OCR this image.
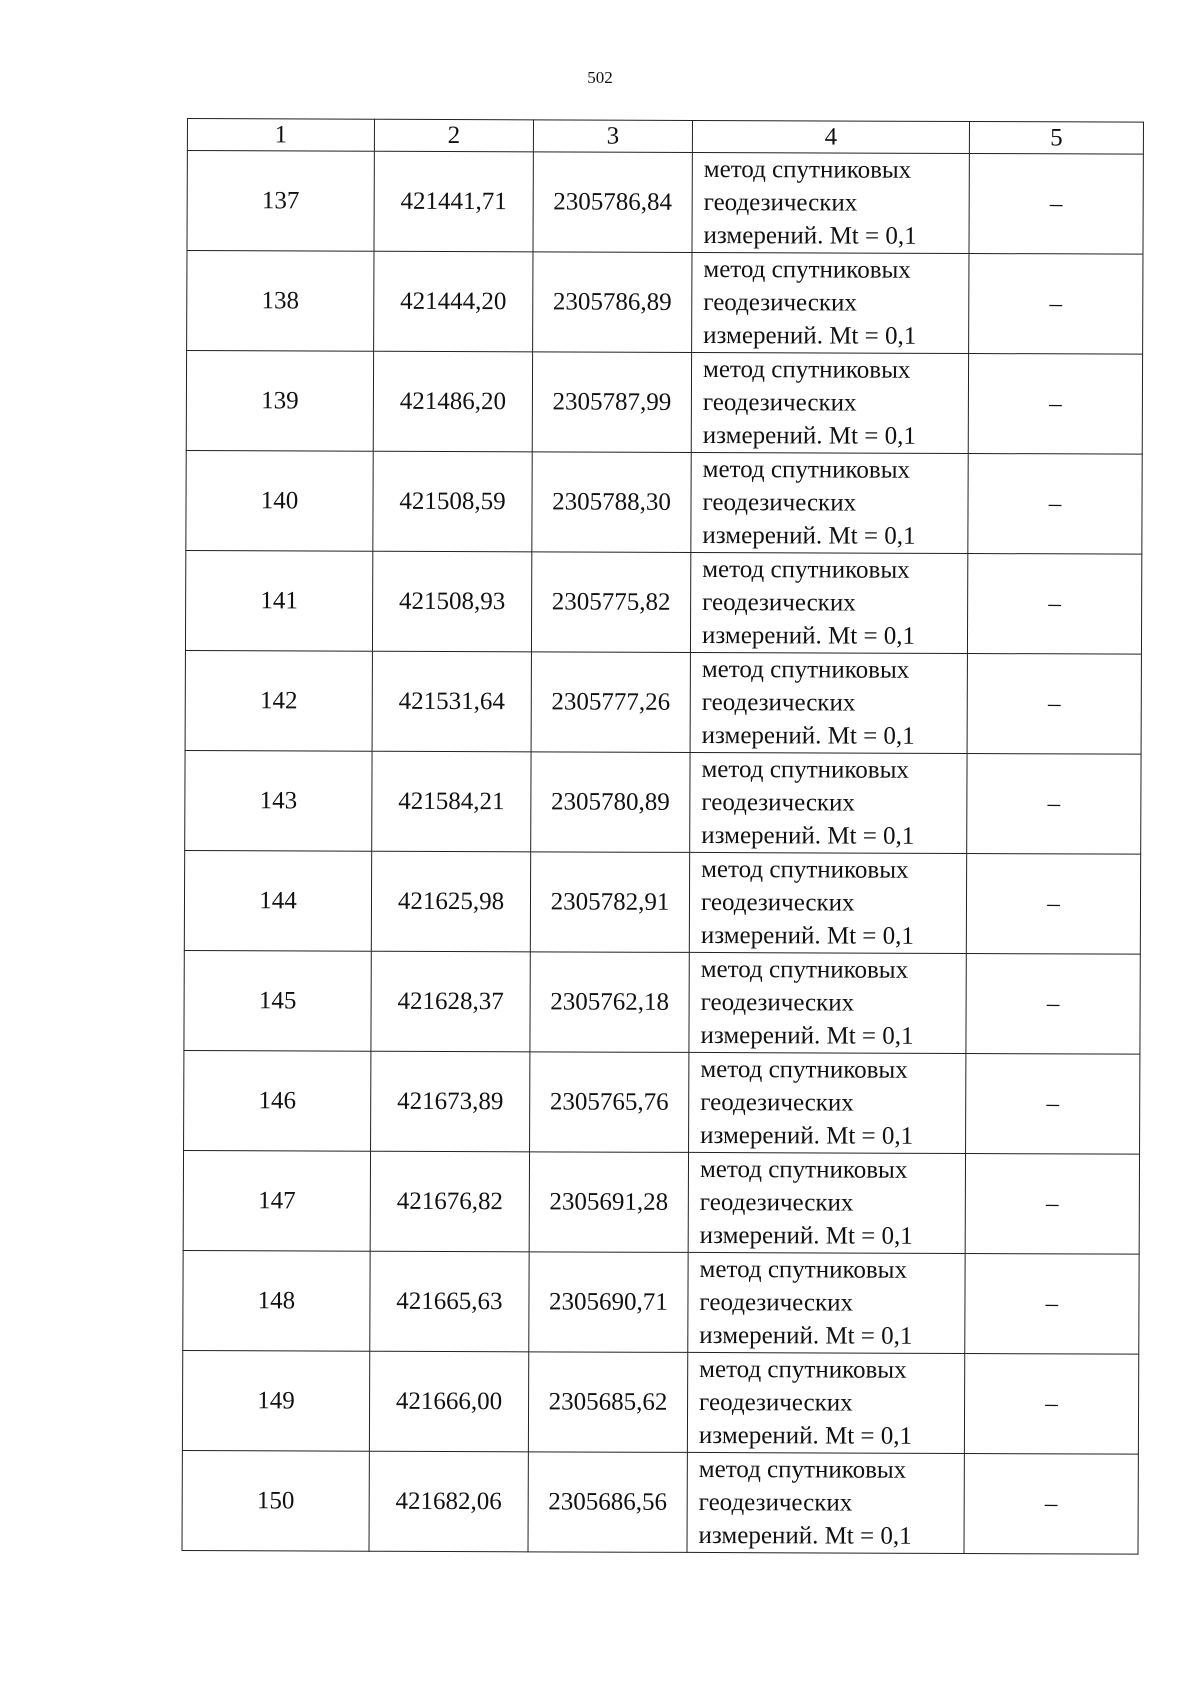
502
1	2	3	4	5
137	421441,71	2305786,84	метод спутниковых
геодезических
измерений. Mt = 0,1	–
138	421444,20	2305786,89	метод спутниковых
геодезических
измерений. Mt = 0,1	–
139	421486,20	2305787,99	метод спутниковых
геодезических
измерений. Mt = 0,1	–
140	421508,59	2305788,30	метод спутниковых
геодезических
измерений. Mt = 0,1	–
141	421508,93	2305775,82	метод спутниковых
геодезических
измерений. Mt = 0,1	–
142	421531,64	2305777,26	метод спутниковых
геодезических
измерений. Mt = 0,1	–
143	421584,21	2305780,89	метод спутниковых
геодезических
измерений. Mt = 0,1	–
144	421625,98	2305782,91	метод спутниковых
геодезических
измерений. Mt = 0,1	–
145	421628,37	2305762,18	метод спутниковых
геодезических
измерений. Mt = 0,1	–
146	421673,89	2305765,76	метод спутниковых
геодезических
измерений. Mt = 0,1	–
147	421676,82	2305691,28	метод спутниковых
геодезических
измерений. Mt = 0,1	–
148	421665,63	2305690,71	метод спутниковых
геодезических
измерений. Mt = 0,1	–
149	421666,00	2305685,62	метод спутниковых
геодезических
измерений. Mt = 0,1	–
150	421682,06	2305686,56	метод спутниковых
геодезических
измерений. Mt = 0,1	–
